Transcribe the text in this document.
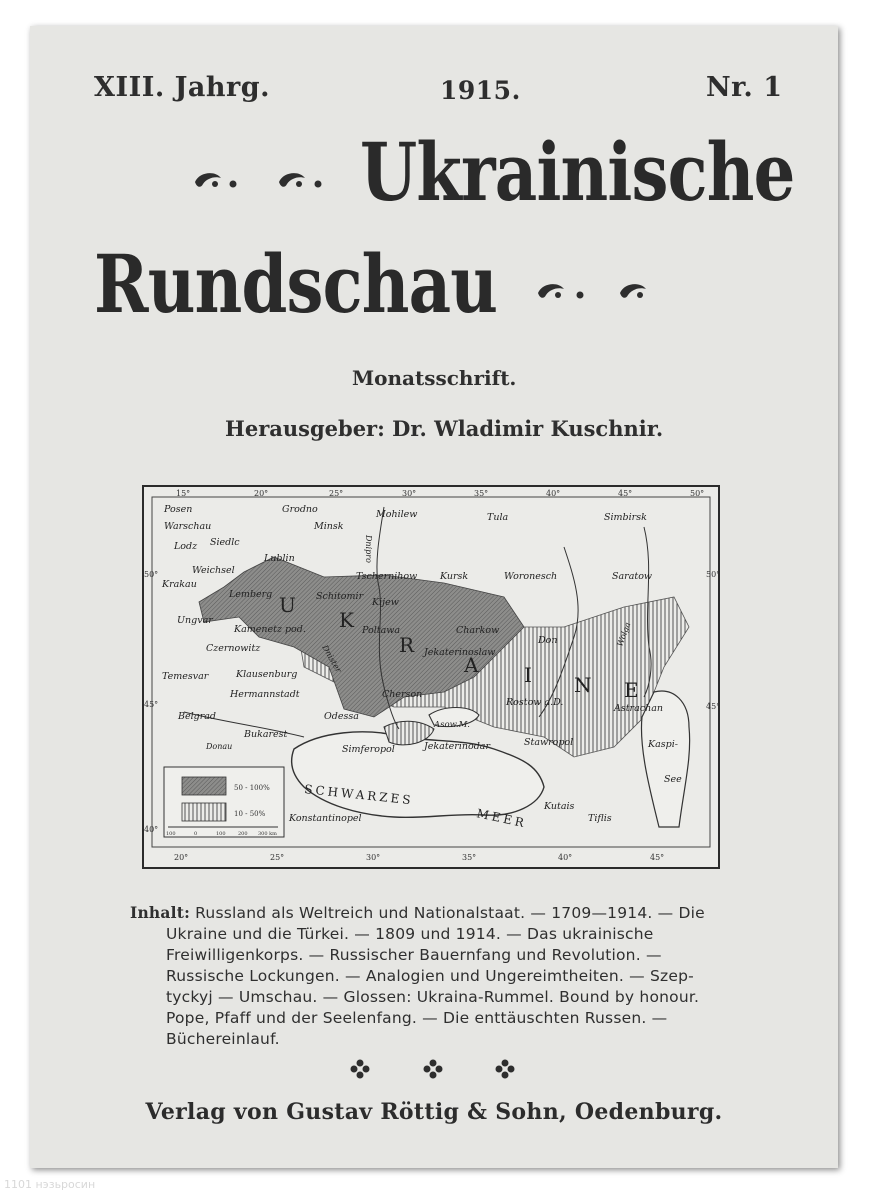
XIII. Jahrg.	1915.	Nr. 1
Ukrainische
Rundschau
Monatsschrift.
Herausgeber: Dr. Wladimir Kuschnir.
15°	20°	25°	30°	35°	40°	45°	50°
20°	25°	30°	35°	40°	45°
50°
45°
40°
50°
45°
U
K
R
A I N E
Posen
Warschau
Siedlc
Lodz
Weichsel
Krakau
Grodno
Minsk
Mohilew	Tula	Simbirsk
Lublin	Dnipro
Tschernihow Kursk	Woronesch	Saratow
Lemberg	Schitomir
Kijew
Ungvar
Kamenetz pod.	Poltawa	Charkow
Don
Czernowitz	Dnister	Jekaterinoslaw
Wolga
Temesvar	Klausenburg
Hermannstadt	Cherson
Rostow a.D.
Astrachan
Belgrad
Bukarest
Donau
Odessa
Asow.M.
Simferopol	Jekaterinodar	Stawropol	Kaspi-
See
SCHWARZES
MEER
Konstantinopel
Kutais
Tiflis
50 - 100%
10 - 50%
100	0	100 200 300 km
Inhalt: Russland als Weltreich und Nationalstaat. — 1709—1914. — Die
Ukraine und die Türkei. — 1809 und 1914. — Das ukrainische
Freiwilligenkorps. — Russischer Bauernfang und Revolution. —
Russische Lockungen. — Analogien und Ungereimtheiten. — Szep-
tyckyj — Umschau. — Glossen: Ukraina-Rummel. Bound by honour.
Pope, Pfaff und der Seelenfang. — Die enttäuschten Russen. —
Büchereinlauf.
Verlag von Gustav Röttig & Sohn, Oedenburg.
1101 нэзьросин
